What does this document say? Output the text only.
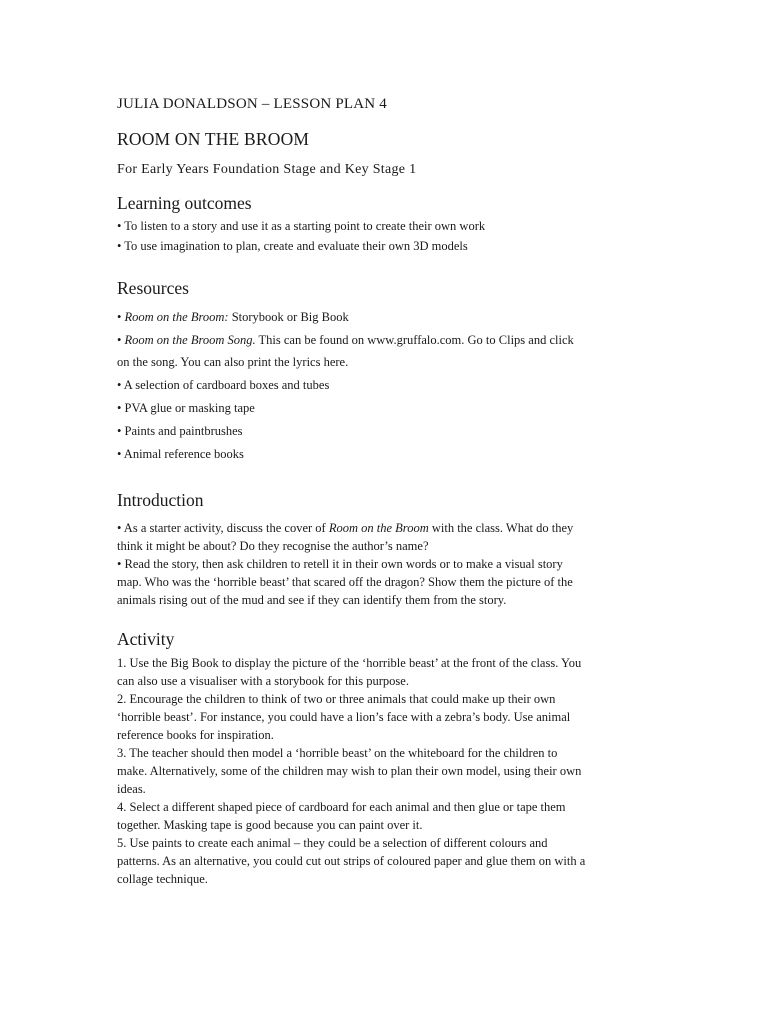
JULIA DONALDSON – LESSON PLAN 4
ROOM ON THE BROOM
For Early Years Foundation Stage and Key Stage 1
Learning outcomes

• To listen to a story and use it as a starting point to create their own work

• To use imagination to plan, create and evaluate their own 3D models

Resources

• Room on the Broom: Storybook or Big Book

• Room on the Broom Song. This can be found on www.gruffalo.com. Go to Clips and click

on the song. You can also print the lyrics here.

• A selection of cardboard boxes and tubes

• PVA glue or masking tape

• Paints and paintbrushes

• Animal reference books

Introduction

• As a starter activity, discuss the cover of Room on the Broom with the class. What do they

think it might be about? Do they recognise the author’s name?

• Read the story, then ask children to retell it in their own words or to make a visual story

map. Who was the ‘horrible beast’ that scared off the dragon? Show them the picture of the

animals rising out of the mud and see if they can identify them from the story.

Activity

1. Use the Big Book to display the picture of the ‘horrible beast’ at the front of the class. You

can also use a visualiser with a storybook for this purpose.

2. Encourage the children to think of two or three animals that could make up their own

‘horrible beast’. For instance, you could have a lion’s face with a zebra’s body. Use animal

reference books for inspiration.

3. The teacher should then model a ‘horrible beast’ on the whiteboard for the children to

make. Alternatively, some of the children may wish to plan their own model, using their own

ideas.

4. Select a different shaped piece of cardboard for each animal and then glue or tape them

together. Masking tape is good because you can paint over it.

5. Use paints to create each animal – they could be a selection of different colours and

patterns. As an alternative, you could cut out strips of coloured paper and glue them on with a

collage technique.
